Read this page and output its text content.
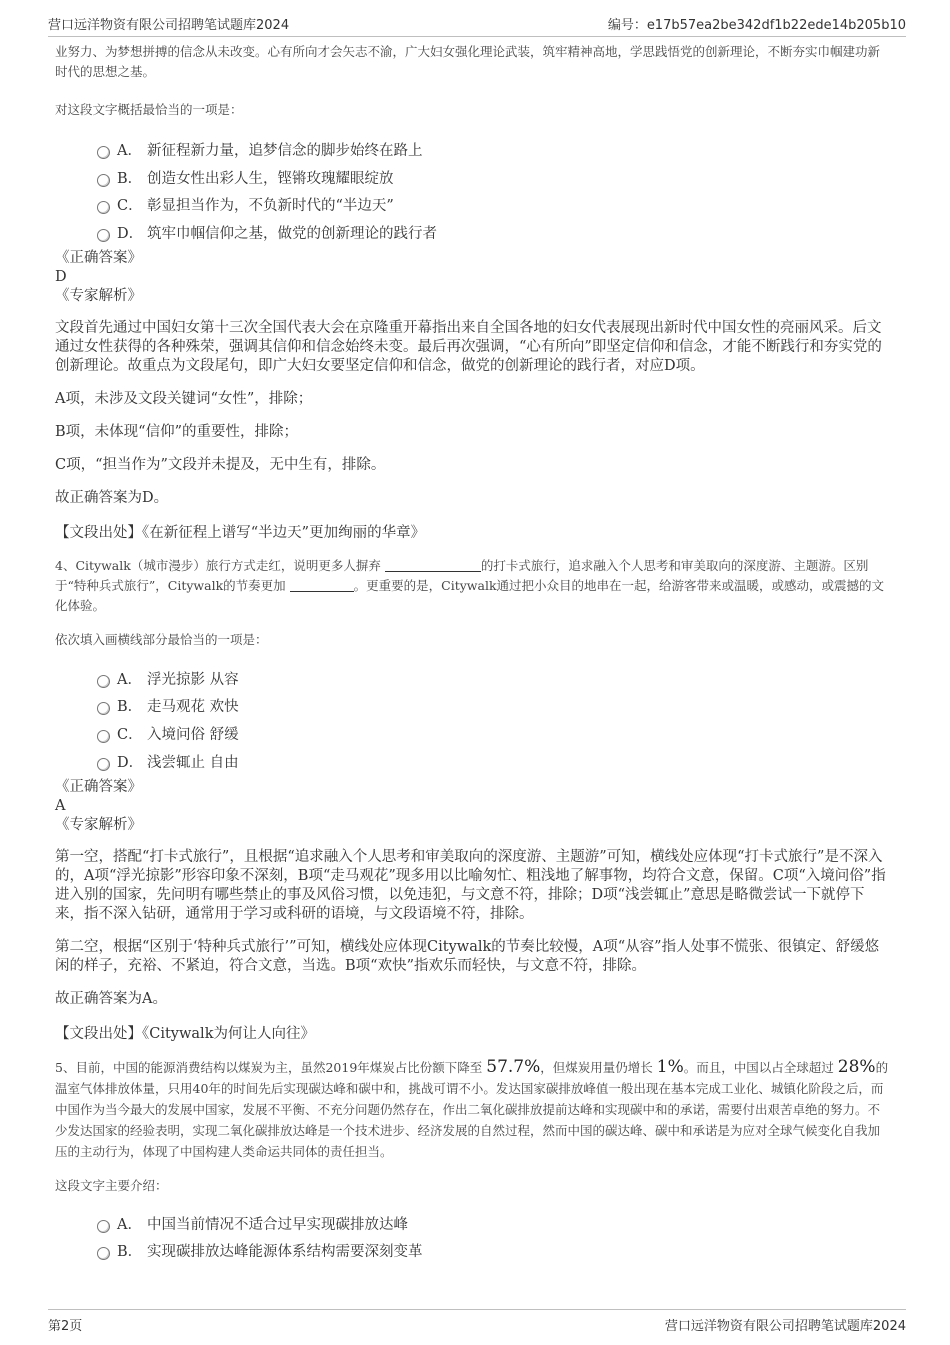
营口远洋物资有限公司招聘笔试题库2024	编号：e17b57ea2be342df1b22ede14b205b10

业努力、为梦想拼搏的信念从未改变。心有所向才会矢志不渝，广大妇女强化理论武装，筑牢精神高地，学思践悟党的创新理论，不断夯实巾帼建功新时代的思想之基。

对这段文字概括最恰当的一项是：

A． 新征程新力量，追梦信念的脚步始终在路上
B． 创造女性出彩人生，铿锵玫瑰耀眼绽放
C． 彰显担当作为，不负新时代的“半边天”
D． 筑牢巾帼信仰之基，做党的创新理论的践行者

《正确答案》

D

《专家解析》

文段首先通过中国妇女第十三次全国代表大会在京隆重开幕指出来自全国各地的妇女代表展现出新时代中国女性的亮丽风采。后文通过女性获得的各种殊荣，强调其信仰和信念始终未变。最后再次强调，“心有所向”即坚定信仰和信念，才能不断践行和夯实党的创新理论。故重点为文段尾句，即广大妇女要坚定信仰和信念，做党的创新理论的践行者，对应D项。

A项，未涉及文段关键词“女性”，排除；

B项，未体现“信仰”的重要性，排除；

C项，“担当作为”文段并未提及，无中生有，排除。

故正确答案为D。

【文段出处】《在新征程上谱写“半边天”更加绚丽的华章》

4、Citywalk（城市漫步）旅行方式走红，说明更多人摒弃	的打卡式旅行，追求融入个人思考和审美取向的深度游、主题游。区别于“特种兵式旅行”，Citywalk的节奏更加	。更重要的是，Citywalk通过把小众目的地串在一起，给游客带来或温暖，或感动，或震撼的文化体验。

依次填入画横线部分最恰当的一项是：

A． 浮光掠影 从容
B． 走马观花 欢快
C． 入境问俗 舒缓
D． 浅尝辄止 自由

《正确答案》

A

《专家解析》

第一空，搭配“打卡式旅行”，且根据“追求融入个人思考和审美取向的深度游、主题游”可知，横线处应体现“打卡式旅行”是不深入的，A项“浮光掠影”形容印象不深刻，B项“走马观花”现多用以比喻匆忙、粗浅地了解事物，均符合文意，保留。C项“入境问俗”指进入别的国家，先问明有哪些禁止的事及风俗习惯，以免违犯，与文意不符，排除；D项“浅尝辄止”意思是略微尝试一下就停下来，指不深入钻研，通常用于学习或科研的语境，与文段语境不符，排除。

第二空，根据“区别于‘特种兵式旅行’”可知，横线处应体现Citywalk的节奏比较慢，A项“从容”指人处事不慌张、很镇定、舒缓悠闲的样子，充裕、不紧迫，符合文意，当选。B项“欢快”指欢乐而轻快，与文意不符，排除。

故正确答案为A。

【文段出处】《Citywalk为何让人向往》

5、目前，中国的能源消费结构以煤炭为主，虽然2019年煤炭占比份额下降至 57.7%，但煤炭用量仍增长 1%。而且，中国以占全球超过 28%的温室气体排放体量，只用40年的时间先后实现碳达峰和碳中和，挑战可谓不小。发达国家碳排放峰值一般出现在基本完成工业化、城镇化阶段之后，而中国作为当今最大的发展中国家，发展不平衡、不充分问题仍然存在，作出二氧化碳排放提前达峰和实现碳中和的承诺，需要付出艰苦卓绝的努力。不少发达国家的经验表明，实现二氧化碳排放达峰是一个技术进步、经济发展的自然过程，然而中国的碳达峰、碳中和承诺是为应对全球气候变化自我加压的主动行为，体现了中国构建人类命运共同体的责任担当。

这段文字主要介绍：

A． 中国当前情况不适合过早实现碳排放达峰
B． 实现碳排放达峰能源体系结构需要深刻变革
第2页	营口远洋物资有限公司招聘笔试题库2024
